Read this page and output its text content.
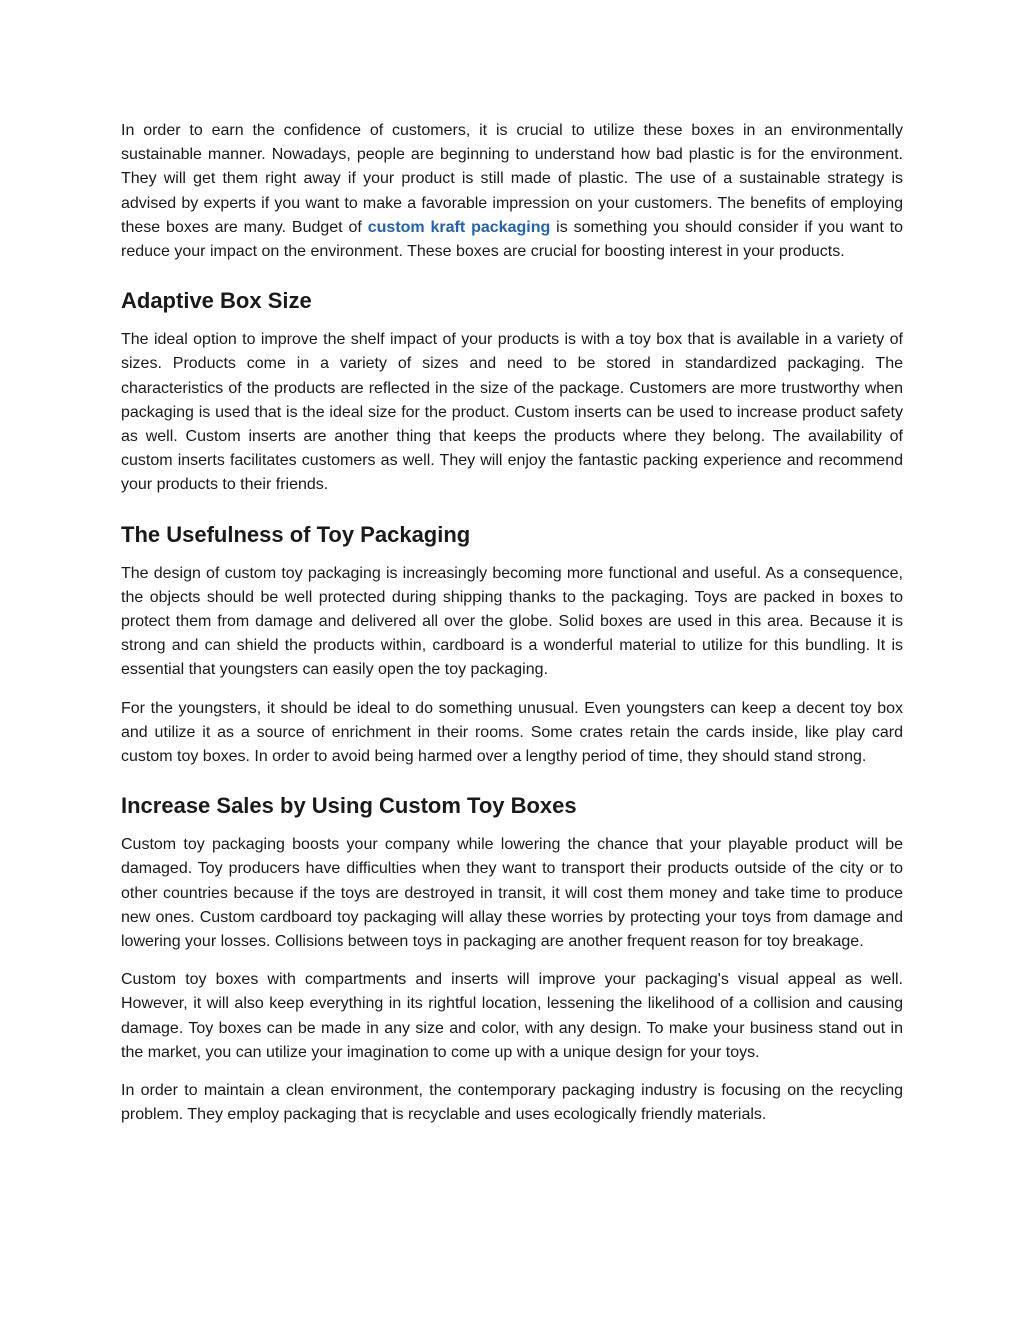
In order to earn the confidence of customers, it is crucial to utilize these boxes in an environmentally sustainable manner. Nowadays, people are beginning to understand how bad plastic is for the environment. They will get them right away if your product is still made of plastic. The use of a sustainable strategy is advised by experts if you want to make a favorable impression on your customers. The benefits of employing these boxes are many. Budget of custom kraft packaging is something you should consider if you want to reduce your impact on the environment. These boxes are crucial for boosting interest in your products.

Adaptive Box Size

The ideal option to improve the shelf impact of your products is with a toy box that is available in a variety of sizes. Products come in a variety of sizes and need to be stored in standardized packaging. The characteristics of the products are reflected in the size of the package. Customers are more trustworthy when packaging is used that is the ideal size for the product. Custom inserts can be used to increase product safety as well. Custom inserts are another thing that keeps the products where they belong. The availability of custom inserts facilitates customers as well. They will enjoy the fantastic packing experience and recommend your products to their friends.

The Usefulness of Toy Packaging

The design of custom toy packaging is increasingly becoming more functional and useful. As a consequence, the objects should be well protected during shipping thanks to the packaging. Toys are packed in boxes to protect them from damage and delivered all over the globe. Solid boxes are used in this area. Because it is strong and can shield the products within, cardboard is a wonderful material to utilize for this bundling. It is essential that youngsters can easily open the toy packaging.

For the youngsters, it should be ideal to do something unusual. Even youngsters can keep a decent toy box and utilize it as a source of enrichment in their rooms. Some crates retain the cards inside, like play card custom toy boxes. In order to avoid being harmed over a lengthy period of time, they should stand strong.

Increase Sales by Using Custom Toy Boxes

Custom toy packaging boosts your company while lowering the chance that your playable product will be damaged. Toy producers have difficulties when they want to transport their products outside of the city or to other countries because if the toys are destroyed in transit, it will cost them money and take time to produce new ones. Custom cardboard toy packaging will allay these worries by protecting your toys from damage and lowering your losses. Collisions between toys in packaging are another frequent reason for toy breakage.

Custom toy boxes with compartments and inserts will improve your packaging's visual appeal as well. However, it will also keep everything in its rightful location, lessening the likelihood of a collision and causing damage. Toy boxes can be made in any size and color, with any design. To make your business stand out in the market, you can utilize your imagination to come up with a unique design for your toys.

In order to maintain a clean environment, the contemporary packaging industry is focusing on the recycling problem. They employ packaging that is recyclable and uses ecologically friendly materials.
